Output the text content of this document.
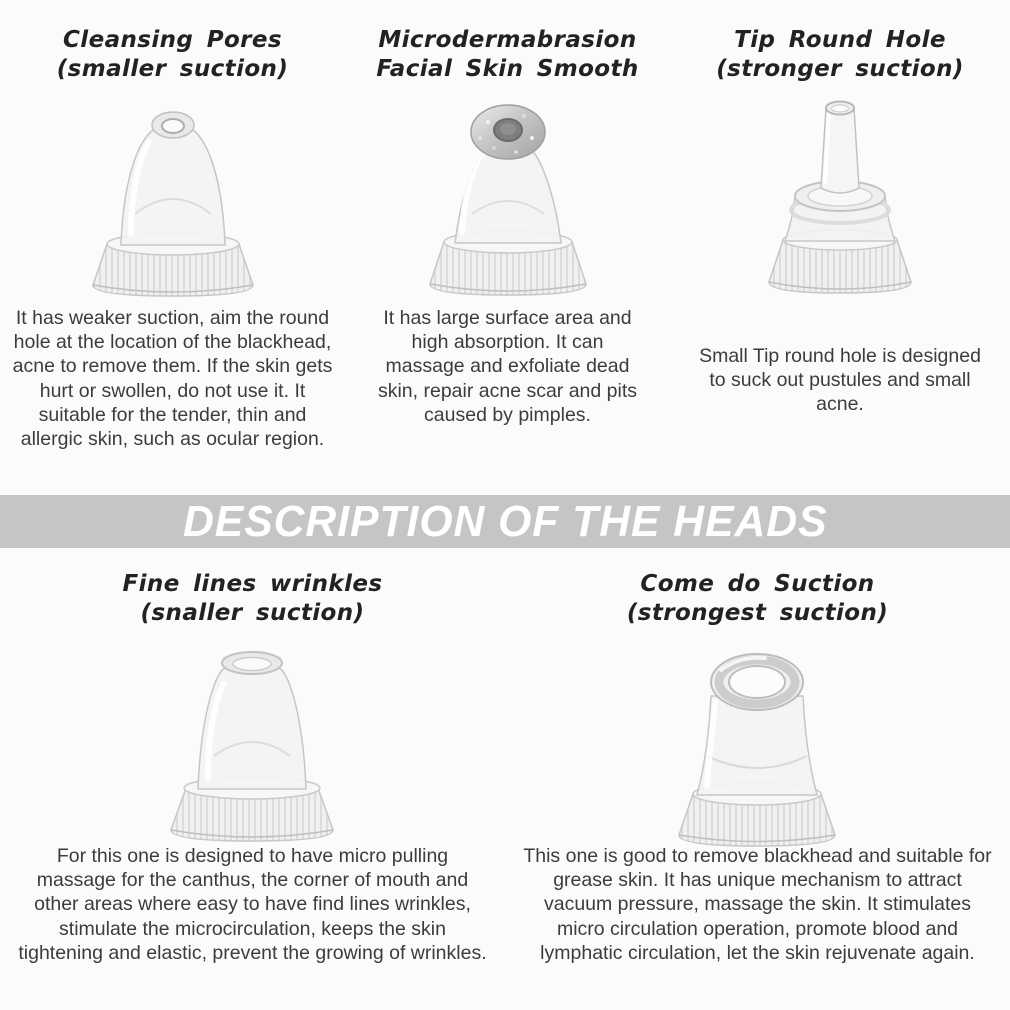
Cleansing Pores
(smaller suction)
It has weaker suction, aim the round hole at the location of the blackhead, acne to remove them. If the skin gets hurt or swollen, do not use it. It suitable for the tender, thin and allergic skin, such as ocular region.
Microdermabrasion
Facial Skin Smooth
It has large surface area and high absorption. It can massage and exfoliate dead skin, repair acne scar and pits caused by pimples.
Tip Round Hole
(stronger suction)
Small Tip round hole is designed to suck out pustules and small acne.
DESCRIPTION OF THE HEADS
Fine lines wrinkles
(snaller suction)
For this one is designed to have micro pulling massage for the canthus, the corner of mouth and other areas where easy to have find lines wrinkles, stimulate the microcirculation, keeps the skin tightening and elastic, prevent the growing of wrinkles.
Come do Suction
(strongest suction)
This one is good to remove blackhead and suitable for grease skin. It has unique mechanism to attract vacuum pressure, massage the skin. It stimulates micro circulation operation, promote blood and lymphatic circulation, let the skin rejuvenate again.
